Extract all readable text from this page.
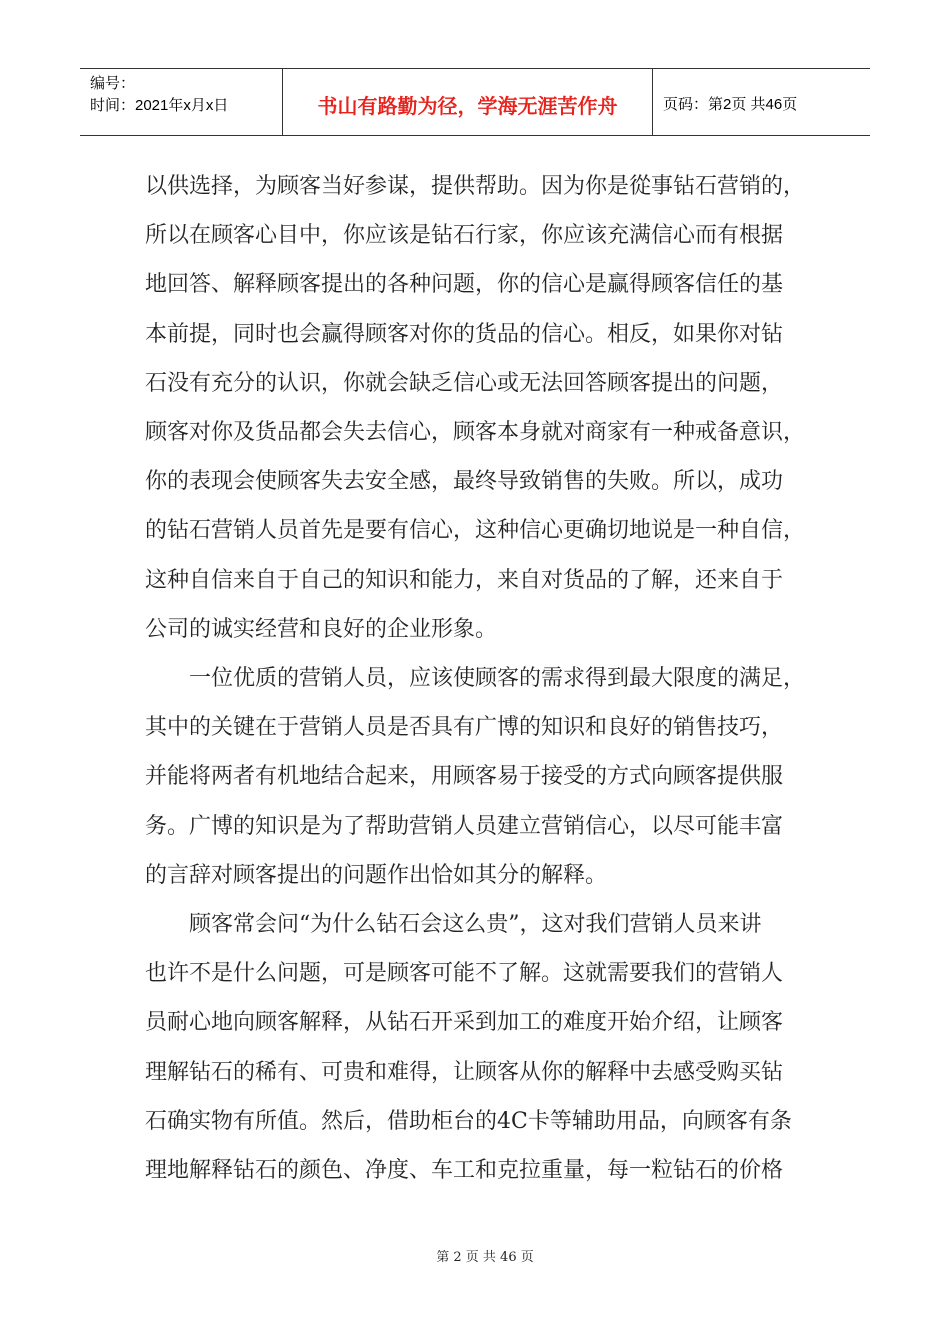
编号：
时间：2021年x月x日	书山有路勤为径，学海无涯苦作舟	页码：第2页 共46页
以供选择，为顾客当好参谋，提供帮助。因为你是從事钻石营销的，
所以在顾客心目中，你应该是钻石行家，你应该充满信心而有根据
地回答、解释顾客提出的各种问题，你的信心是赢得顾客信任的基
本前提，同时也会赢得顾客对你的货品的信心。相反，如果你对钻
石没有充分的认识，你就会缺乏信心或无法回答顾客提出的问题，
顾客对你及货品都会失去信心，顾客本身就对商家有一种戒备意识，
你的表现会使顾客失去安全感，最终导致销售的失败。所以，成功
的钻石营销人员首先是要有信心，这种信心更确切地说是一种自信，
这种自信来自于自己的知识和能力，来自对货品的了解，还来自于
公司的诚实经营和良好的企业形象。
一位优质的营销人员，应该使顾客的需求得到最大限度的满足，
其中的关键在于营销人员是否具有广博的知识和良好的销售技巧，
并能将两者有机地结合起来，用顾客易于接受的方式向顾客提供服
务。广博的知识是为了帮助营销人员建立营销信心，以尽可能丰富
的言辞对顾客提出的问题作出恰如其分的解释。
顾客常会问“为什么钻石会这么贵”，这对我们营销人员来讲
也许不是什么问题，可是顾客可能不了解。这就需要我们的营销人
员耐心地向顾客解释，从钻石开采到加工的难度开始介绍，让顾客
理解钻石的稀有、可贵和难得，让顾客从你的解释中去感受购买钻
石确实物有所值。然后，借助柜台的4C卡等辅助用品，向顾客有条
理地解释钻石的颜色、净度、车工和克拉重量，每一粒钻石的价格
第 2 页 共 46 页
